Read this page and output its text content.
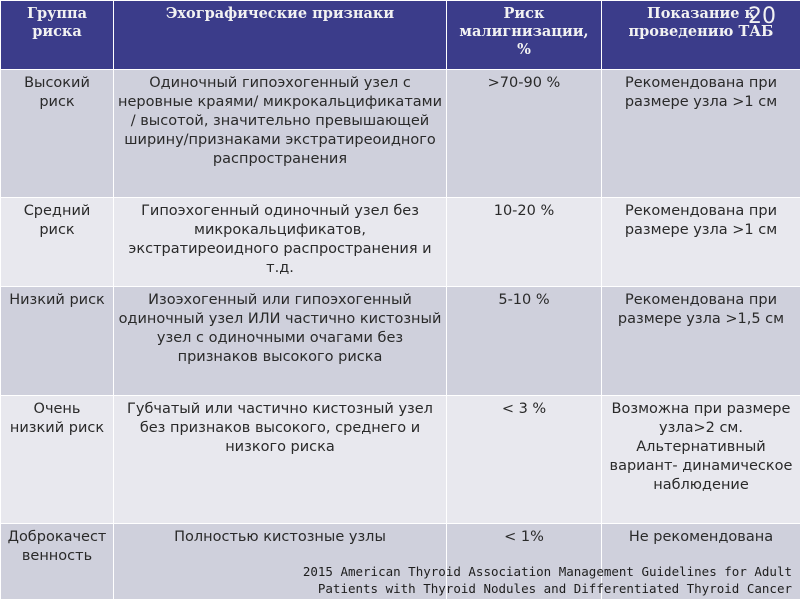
Группа риска	Эхографические признаки	Риск малигнизации, %	Показание к проведению ТАБ
Высокий риск	Одиночный гипоэхогенный узел с неровные краями/ микрокальцификатами / высотой, значительно превышающей ширину/признаками экстратиреоидного распространения	>70-90 %	Рекомендована при размере узла >1 см
Средний риск	Гипоэхогенный одиночный узел без микрокальцификатов, экстратиреоидного распространения и т.д.	10-20 %	Рекомендована при размере узла >1 см
Низкий риск	Изоэхогенный или гипоэхогенный одиночный узел ИЛИ частично кистозный узел с одиночными очагами без признаков высокого риска	5-10 %	Рекомендована при размере узла >1,5 см
Очень низкий риск	Губчатый или частично кистозный узел без признаков высокого, среднего и низкого риска	< 3 %	Возможна при размере узла>2 см. Альтернативный вариант- динамическое наблюдение
Доброкачественность	Полностью кистозные узлы	< 1%	Не рекомендована
20
2015 American Thyroid Association Management Guidelines for Adult Patients with Thyroid Nodules and Differentiated Thyroid Cancer
